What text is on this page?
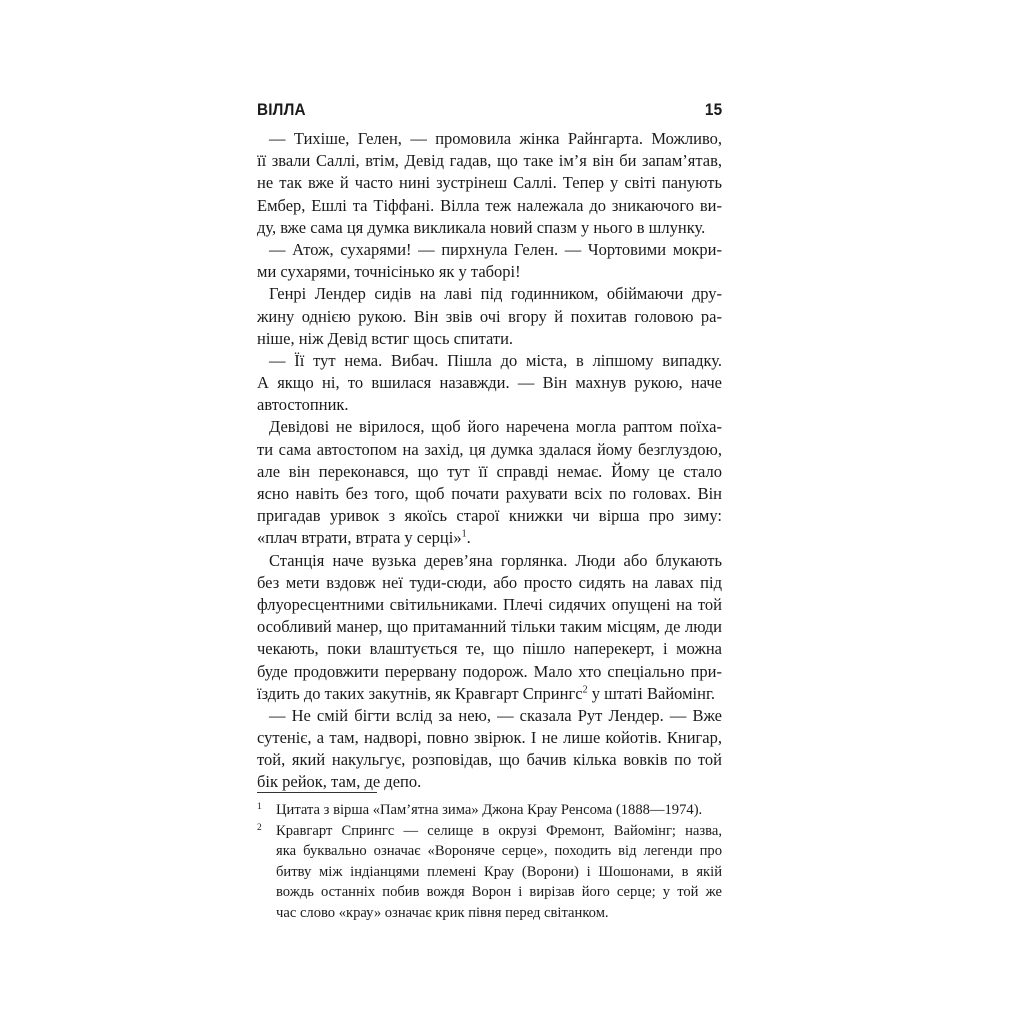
ВІЛЛА	15
— Тихіше, Гелен, — промовила жінка Райнгарта. Можливо,
її звали Саллі, втім, Девід гадав, що таке ім’я він би запам’ятав,
не так вже й часто нині зустрінеш Саллі. Тепер у світі панують
Ембер, Ешлі та Тіффані. Вілла теж належала до зникаючого ви-
ду, вже сама ця думка викликала новий спазм у нього в шлунку.
— Атож, сухарями! — пирхнула Гелен. — Чортовими мокри-
ми сухарями, точнісінько як у таборі!
Генрі Лендер сидів на лаві під годинником, обіймаючи дру-
жину однією рукою. Він звів очі вгору й похитав головою ра-
ніше, ніж Девід встиг щось спитати.
— Її тут нема. Вибач. Пішла до міста, в ліпшому випадку.
А якщо ні, то вшилася назавжди. — Він махнув рукою, наче
автостопник.
Девідові не вірилося, щоб його наречена могла раптом поїха-
ти сама автостопом на захід, ця думка здалася йому безглуздою,
але він переконався, що тут її справді немає. Йому це стало
ясно навіть без того, щоб почати рахувати всіх по головах. Він
пригадав уривок з якоїсь старої книжки чи вірша про зиму:
«плач втрати, втрата у серці»$^1$.
Станція наче вузька дерев’яна горлянка. Люди або блукають
без мети вздовж неї туди-сюди, або просто сидять на лавах під
флуоресцентними світильниками. Плечі сидячих опущені на той
особливий манер, що притаманний тільки таким місцям, де люди
чекають, поки влаштується те, що пішло наперекерт, і можна
буде продовжити перервану подорож. Мало хто спеціально при-
їздить до таких закутнів, як Кравгарт Спрингс$^2$ у штаті Вайомінг.
— Не смій бігти вслід за нею, — сказала Рут Лендер. — Вже
сутеніє, а там, надворі, повно звірюк. І не лише койотів. Книгар,
той, який накульгує, розповідав, що бачив кілька вовків по той
бік рейок, там, де депо.
1 Цитата з вірша «Пам’ятна зима» Джона Крау Ренсома (1888—1974).
2 Кравгарт Спрингс — селище в окрузі Фремонт, Вайомінг; назва,
яка буквально означає «Вороняче серце», походить від легенди про
битву між індіанцями племені Крау (Ворони) і Шошонами, в якій
вождь останніх побив вождя Ворон і вирізав його серце; у той же
час слово «крау» означає крик півня перед світанком.
